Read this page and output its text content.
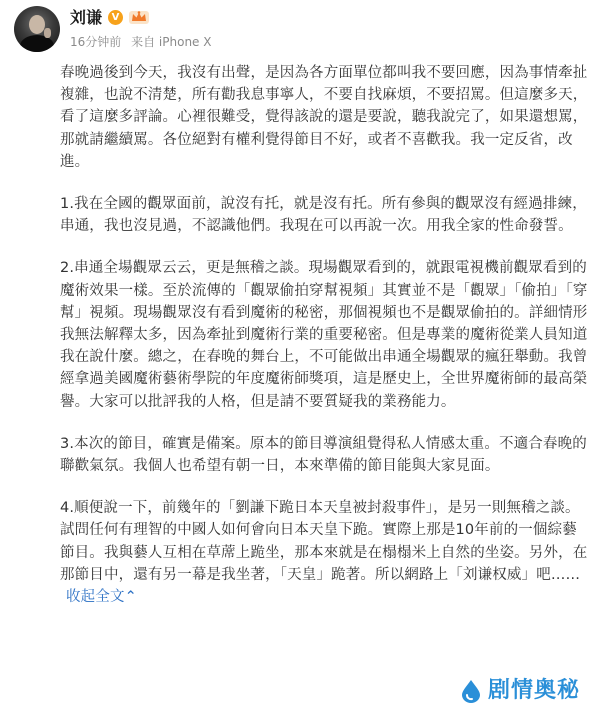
刘谦 V
16分钟前 来自 iPhone X

春晚過後到今天，我沒有出聲，是因為各方面單位都叫我不要回應，因為事情牽扯複雜，也說不清楚，所有勸我息事寧人，不要自找麻煩，不要招罵。但這麼多天，看了這麼多評論。心裡很難受，覺得該說的還是要說，聽我說完了，如果還想罵，那就請繼續罵。各位絕對有權利覺得節目不好，或者不喜歡我。我一定反省，改進。

1.我在全國的觀眾面前，說沒有托，就是沒有托。所有參與的觀眾沒有經過排練，串通，我也沒見過，不認識他們。我現在可以再說一次。用我全家的性命發誓。

2.串通全場觀眾云云，更是無稽之談。現場觀眾看到的，就跟電視機前觀眾看到的魔術效果一樣。至於流傳的「觀眾偷拍穿幫視頻」其實並不是「觀眾」「偷拍」「穿幫」視頻。現場觀眾沒有看到魔術的秘密，那個視頻也不是觀眾偷拍的。詳細情形我無法解釋太多，因為牽扯到魔術行業的重要秘密。但是專業的魔術從業人員知道我在說什麼。總之，在春晚的舞台上，不可能做出串通全場觀眾的瘋狂舉動。我曾經拿過美國魔術藝術學院的年度魔術師獎項，這是歷史上，全世界魔術師的最高榮譽。大家可以批評我的人格，但是請不要質疑我的業務能力。

3.本次的節目，確實是備案。原本的節目導演組覺得私人情感太重。不適合春晚的聯歡氣氛。我個人也希望有朝一日，本來準備的節目能與大家見面。

4.順便說一下，前幾年的「劉謙下跪日本天皇被封殺事件」，是另一則無稽之談。試問任何有理智的中國人如何會向日本天皇下跪。實際上那是10年前的一個綜藝節目。我與藝人互相在草蓆上跪坐，那本來就是在榻榻米上自然的坐姿。另外，在那節目中，還有另一幕是我坐著，「天皇」跪著。所以網路上「刘谦权威」吧……收起全文⌃

剧情奥秘
